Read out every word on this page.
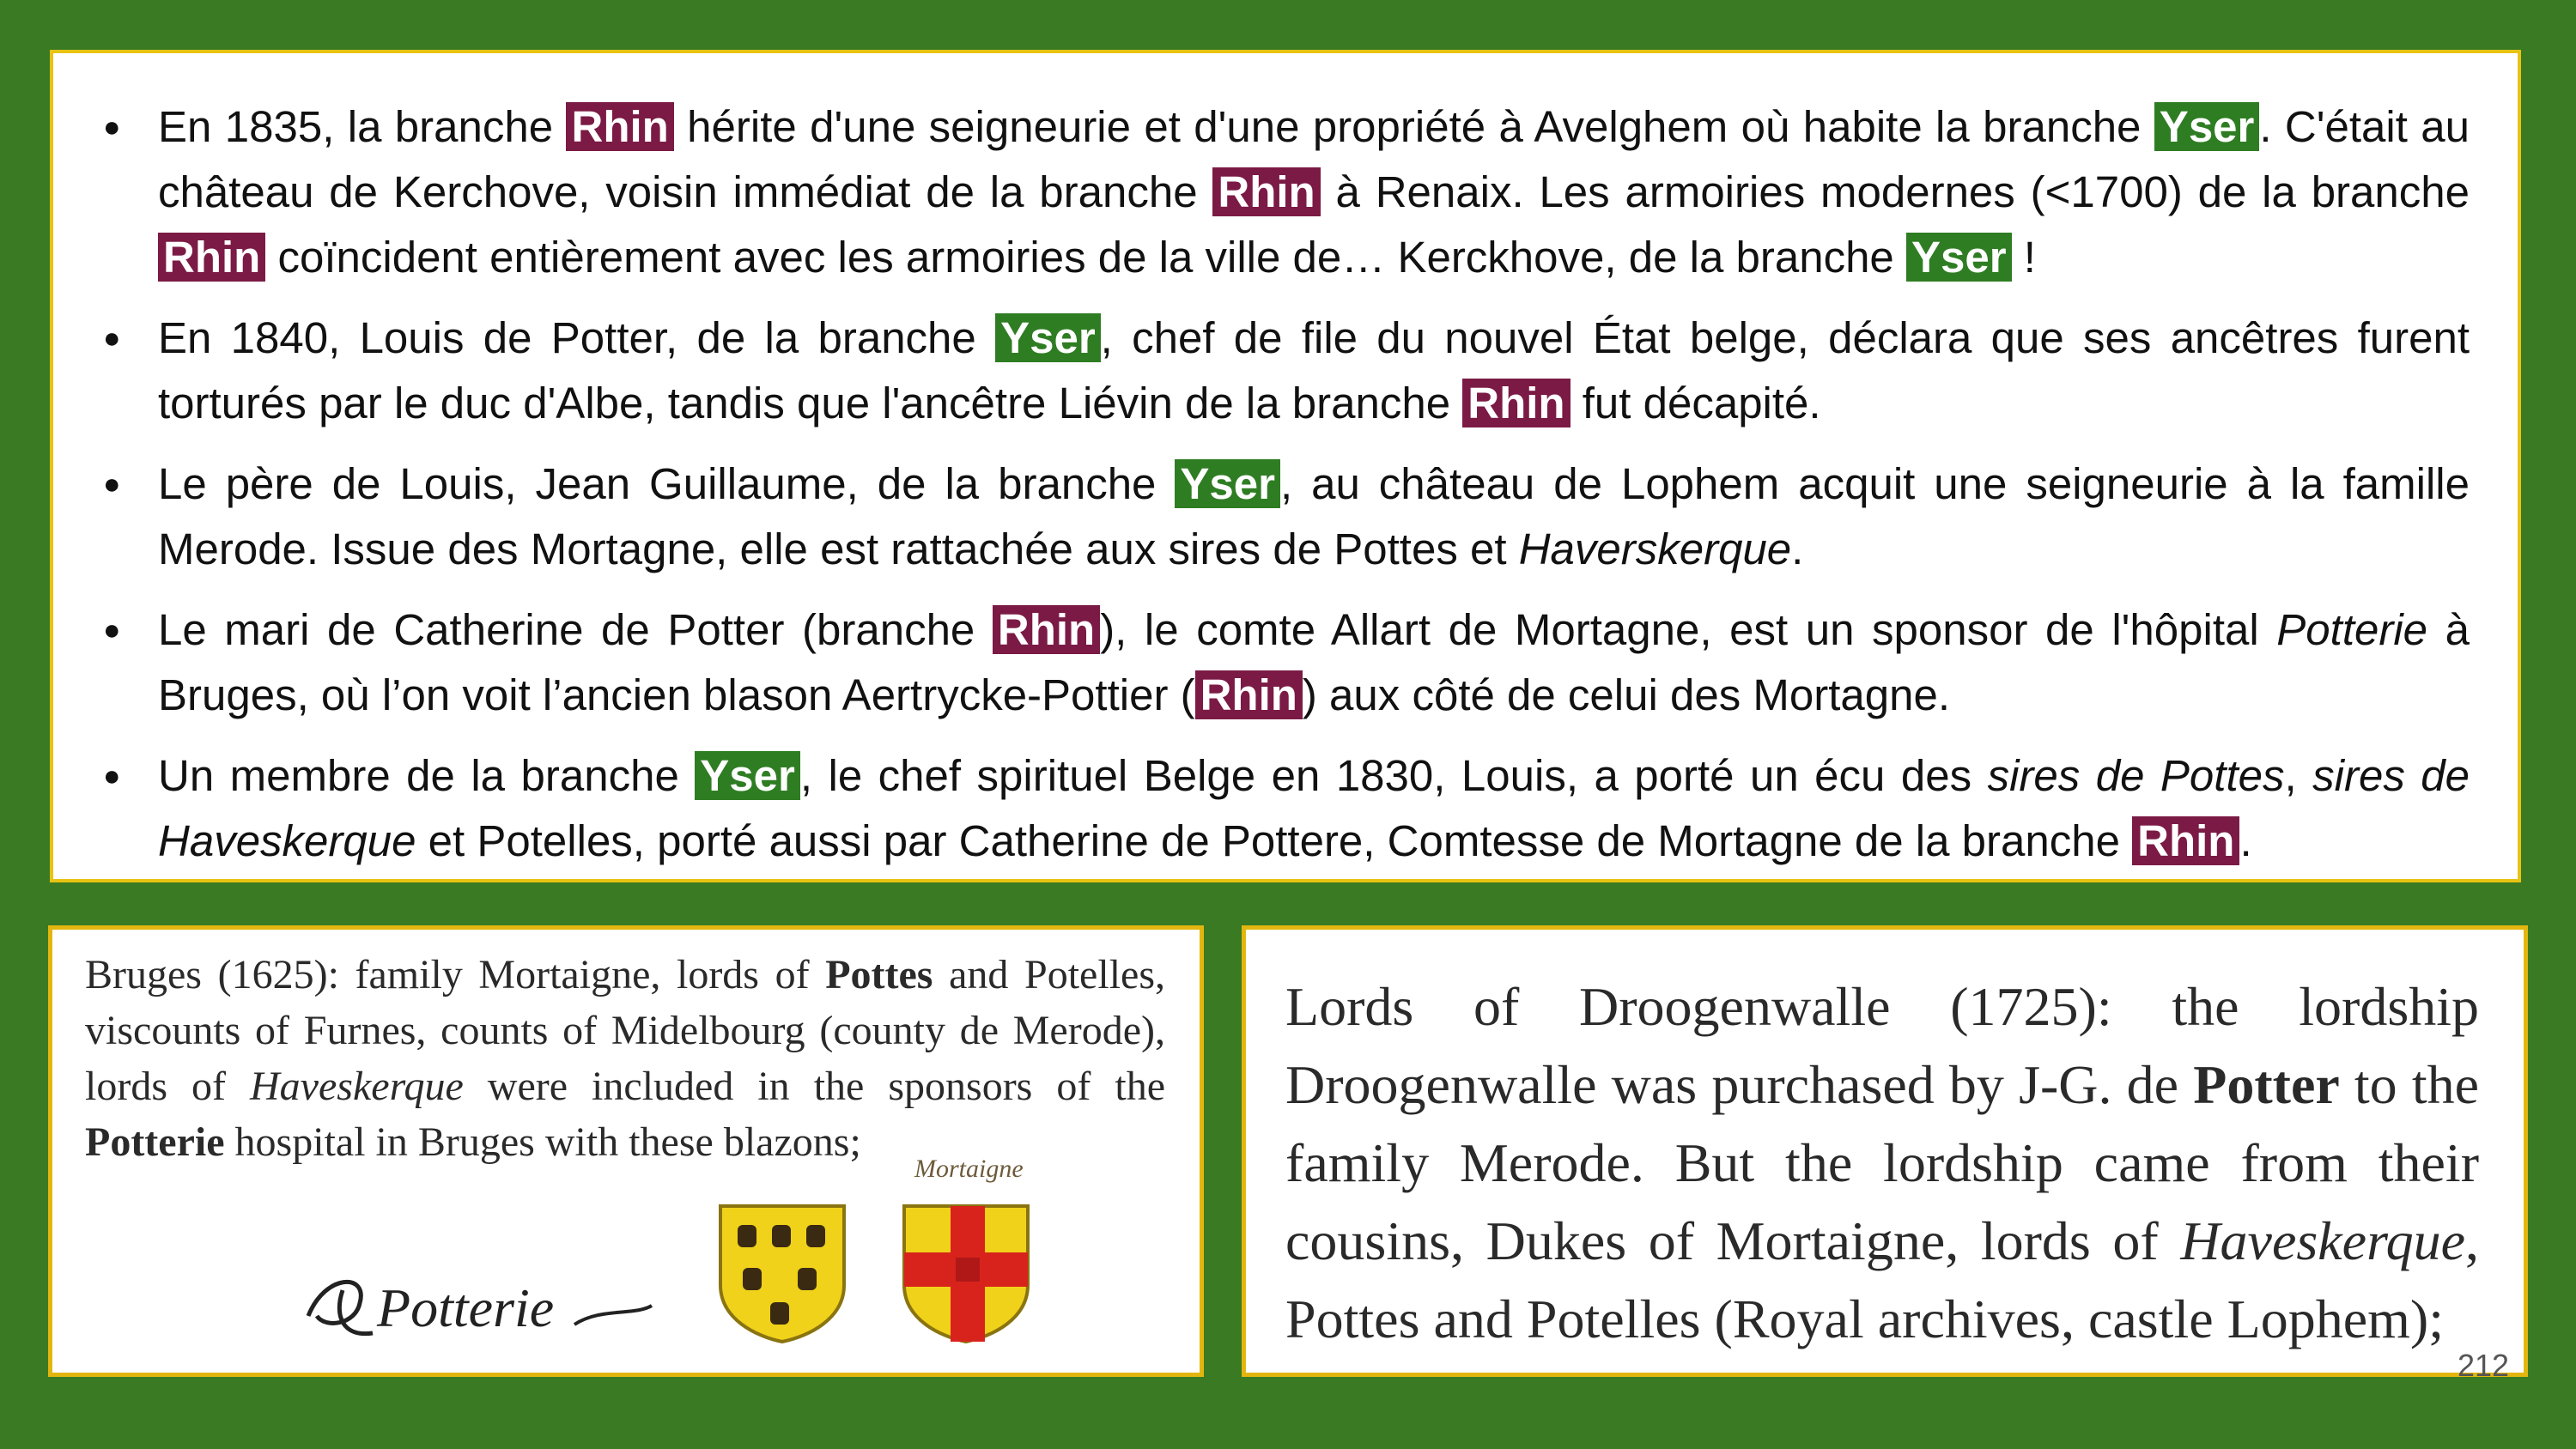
● En 1835, la branche Rhin hérite d'une seigneurie et d'une propriété à Avelghem où habite la branche Yser . C'était au château de Kerchove, voisin immédiat de la branche Rhin à Renaix. Les armoiries modernes (<1700) de la branche Rhin coïncident entièrement avec les armoiries de la ville de… Kerckhove, de la branche Yser !
● En 1840, Louis de Potter, de la branche Yser , chef de file du nouvel État belge, déclara que ses ancêtres furent torturés par le duc d'Albe, tandis que l'ancêtre Liévin de la branche Rhin fut décapité.
● Le père de Louis, Jean Guillaume, de la branche Yser , au château de Lophem acquit une seigneurie à la famille Merode. Issue des Mortagne, elle est rattachée aux sires de Pottes et Haverskerque.
● Le mari de Catherine de Potter (branche Rhin ), le comte Allart de Mortagne, est un sponsor de l'hôpital Potterie à Bruges, où l’on voit l’ancien blason Aertrycke-Pottier ( Rhin ) aux côté de celui des Mortagne.
● Un membre de la branche Yser , le chef spirituel Belge en 1830, Louis, a porté un écu des sires de Pottes, sires de Haveskerque et Potelles, porté aussi par Catherine de Pottere, Comtesse de Mortagne de la branche Rhin .

Bruges (1625): family Mortaigne, lords of Pottes and Potelles, viscounts of Furnes, counts of Midelbourg (county de Merode), lords of Haveskerque were included in the sponsors of the Potterie hospital in Bruges with these blazons;

Potterie
Mortaigne

Lords of Droogenwalle (1725): the lordship Droogenwalle was purchased by J-G. de Potter to the family Merode. But the lordship came from their cousins, Dukes of Mortaigne, lords of Haveskerque, Pottes and Potelles (Royal archives, castle Lophem);

212
